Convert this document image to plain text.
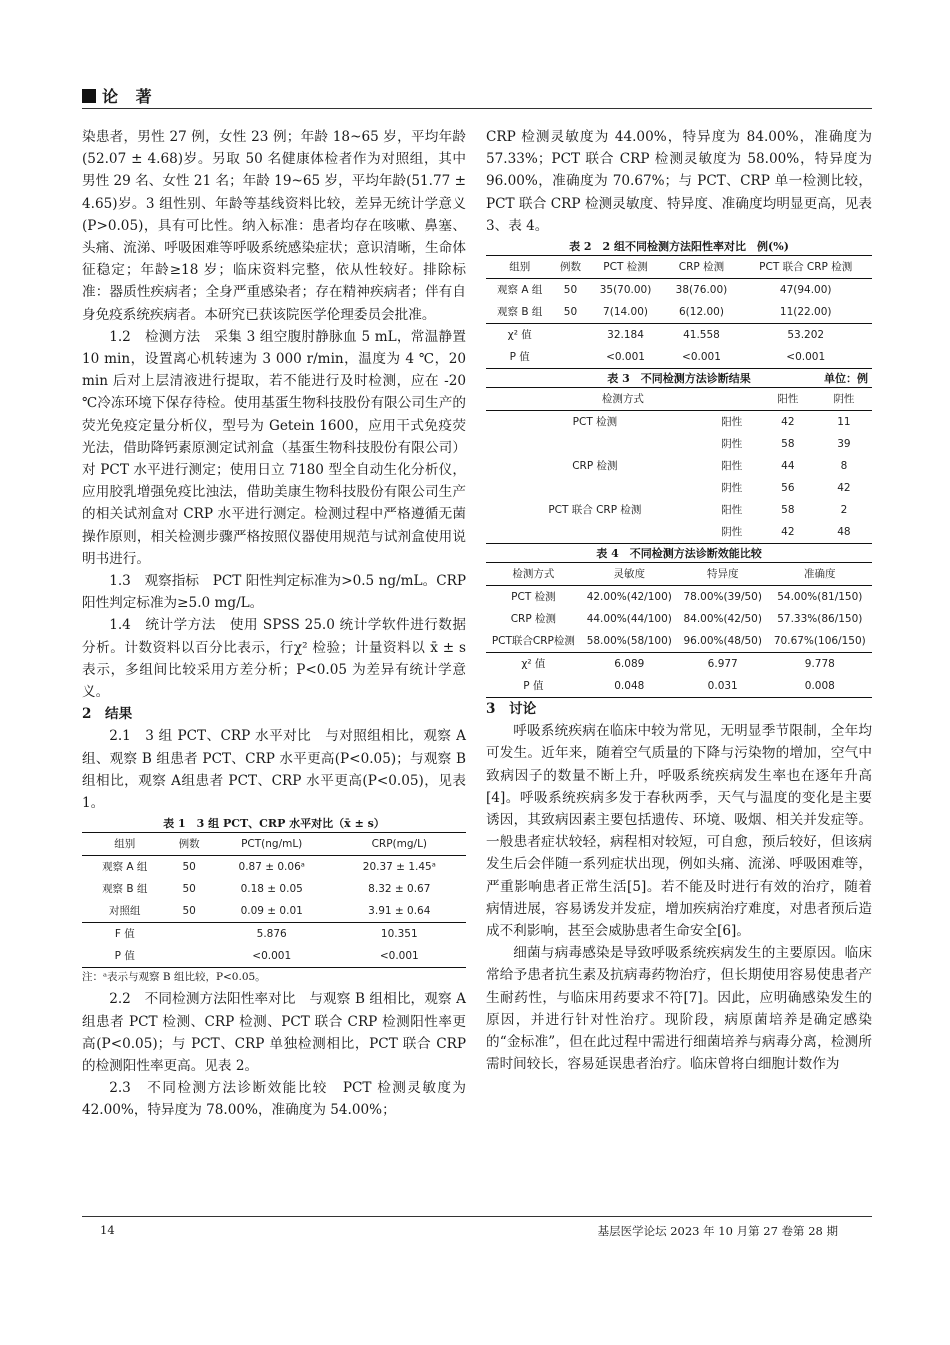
论 著

染患者，男性 27 例，女性 23 例；年龄 18~65 岁，平均年龄(52.07 ± 4.68)岁。另取 50 名健康体检者作为对照组，其中男性 29 名、女性 21 名；年龄 19~65 岁，平均年龄(51.77 ± 4.65)岁。3 组性别、年龄等基线资料比较，差异无统计学意义(P>0.05)，具有可比性。纳入标准：患者均存在咳嗽、鼻塞、头痛、流涕、呼吸困难等呼吸系统感染症状；意识清晰，生命体征稳定；年龄≥18 岁；临床资料完整，依从性较好。排除标准：器质性疾病者；全身严重感染者；存在精神疾病者；伴有自身免疫系统疾病者。本研究已获该院医学伦理委员会批准。

1.2　检测方法　采集 3 组空腹肘静脉血 5 mL，常温静置 10 min，设置离心机转速为 3 000 r/min，温度为 4 ℃，20 min 后对上层清液进行提取，若不能进行及时检测，应在 -20 ℃冷冻环境下保存待检。使用基蛋生物科技股份有限公司生产的荧光免疫定量分析仪，型号为 Getein 1600，应用干式免疫荧光法，借助降钙素原测定试剂盒（基蛋生物科技股份有限公司）对 PCT 水平进行测定；使用日立 7180 型全自动生化分析仪，应用胶乳增强免疫比浊法，借助美康生物科技股份有限公司生产的相关试剂盒对 CRP 水平进行测定。检测过程中严格遵循无菌操作原则，相关检测步骤严格按照仪器使用规范与试剂盒使用说明书进行。

1.3　观察指标　PCT 阳性判定标准为>0.5 ng/mL。CRP 阳性判定标准为≥5.0 mg/L。

1.4　统计学方法　使用 SPSS 25.0 统计学软件进行数据分析。计数资料以百分比表示，行χ² 检验；计量资料以 x̄ ± s 表示，多组间比较采用方差分析；P<0.05 为差异有统计学意义。

2　结果

2.1　3 组 PCT、CRP 水平对比　与对照组相比，观察 A 组、观察 B 组患者 PCT、CRP 水平更高(P<0.05)；与观察 B 组相比，观察 A组患者 PCT、CRP 水平更高(P<0.05)，见表 1。

表 1　3 组 PCT、CRP 水平对比（x̄ ± s）
组别	例数	PCT(ng/mL)	CRP(mg/L)
观察 A 组	50	0.87 ± 0.06ᵃ	20.37 ± 1.45ᵃ
观察 B 组	50	0.18 ± 0.05	8.32 ± 0.67
对照组	50	0.09 ± 0.01	3.91 ± 0.64
F 值		5.876	10.351
P 值		<0.001	<0.001
注：ᵃ表示与观察 B 组比较，P<0.05。

2.2　不同检测方法阳性率对比　与观察 B 组相比，观察 A 组患者 PCT 检测、CRP 检测、PCT 联合 CRP 检测阳性率更高(P<0.05)；与 PCT、CRP 单独检测相比，PCT 联合 CRP 的检测阳性率更高。见表 2。

2.3　不同检测方法诊断效能比较　PCT 检测灵敏度为 42.00%，特异度为 78.00%，准确度为 54.00%；

CRP 检测灵敏度为 44.00%，特异度为 84.00%，准确度为 57.33%；PCT 联合 CRP 检测灵敏度为 58.00%，特异度为 96.00%，准确度为 70.67%；与 PCT、CRP 单一检测比较，PCT 联合 CRP 检测灵敏度、特异度、准确度均明显更高，见表 3、表 4。

表 2　2 组不同检测方法阳性率对比　例(%)
组别	例数	PCT 检测	CRP 检测	PCT 联合 CRP 检测
观察 A 组	50	35(70.00)	38(76.00)	47(94.00)
观察 B 组	50	7(14.00)	6(12.00)	11(22.00)
χ² 值		32.184	41.558	53.202
P 值		<0.001	<0.001	<0.001
表 3　不同检测方法诊断结果	单位：例
检测方式		阳性	阴性
PCT 检测	阳性	42	11
	阴性	58	39
CRP 检测	阳性	44	8
	阴性	56	42
PCT 联合 CRP 检测	阳性	58	2
	阴性	42	48
表 4　不同检测方法诊断效能比较
检测方式	灵敏度	特异度	准确度
PCT 检测	42.00%(42/100)	78.00%(39/50)	54.00%(81/150)
CRP 检测	44.00%(44/100)	84.00%(42/50)	57.33%(86/150)
PCT联合CRP检测	58.00%(58/100)	96.00%(48/50)	70.67%(106/150)
χ² 值	6.089	6.977	9.778
P 值	0.048	0.031	0.008

3　讨论

呼吸系统疾病在临床中较为常见，无明显季节限制，全年均可发生。近年来，随着空气质量的下降与污染物的增加，空气中致病因子的数量不断上升，呼吸系统疾病发生率也在逐年升高[4]。呼吸系统疾病多发于春秋两季，天气与温度的变化是主要诱因，其致病因素主要包括遗传、环境、吸烟、相关并发症等。一般患者症状较轻，病程相对较短，可自愈，预后较好，但该病发生后会伴随一系列症状出现，例如头痛、流涕、呼吸困难等，严重影响患者正常生活[5]。若不能及时进行有效的治疗，随着病情进展，容易诱发并发症，增加疾病治疗难度，对患者预后造成不利影响，甚至会威胁患者生命安全[6]。

细菌与病毒感染是导致呼吸系统疾病发生的主要原因。临床常给予患者抗生素及抗病毒药物治疗，但长期使用容易使患者产生耐药性，与临床用药要求不符[7]。因此，应明确感染发生的原因，并进行针对性治疗。现阶段，病原菌培养是确定感染的“金标准”，但在此过程中需进行细菌培养与病毒分离，检测所需时间较长，容易延误患者治疗。临床曾将白细胞计数作为

14	基层医学论坛 2023 年 10 月第 27 卷第 28 期
